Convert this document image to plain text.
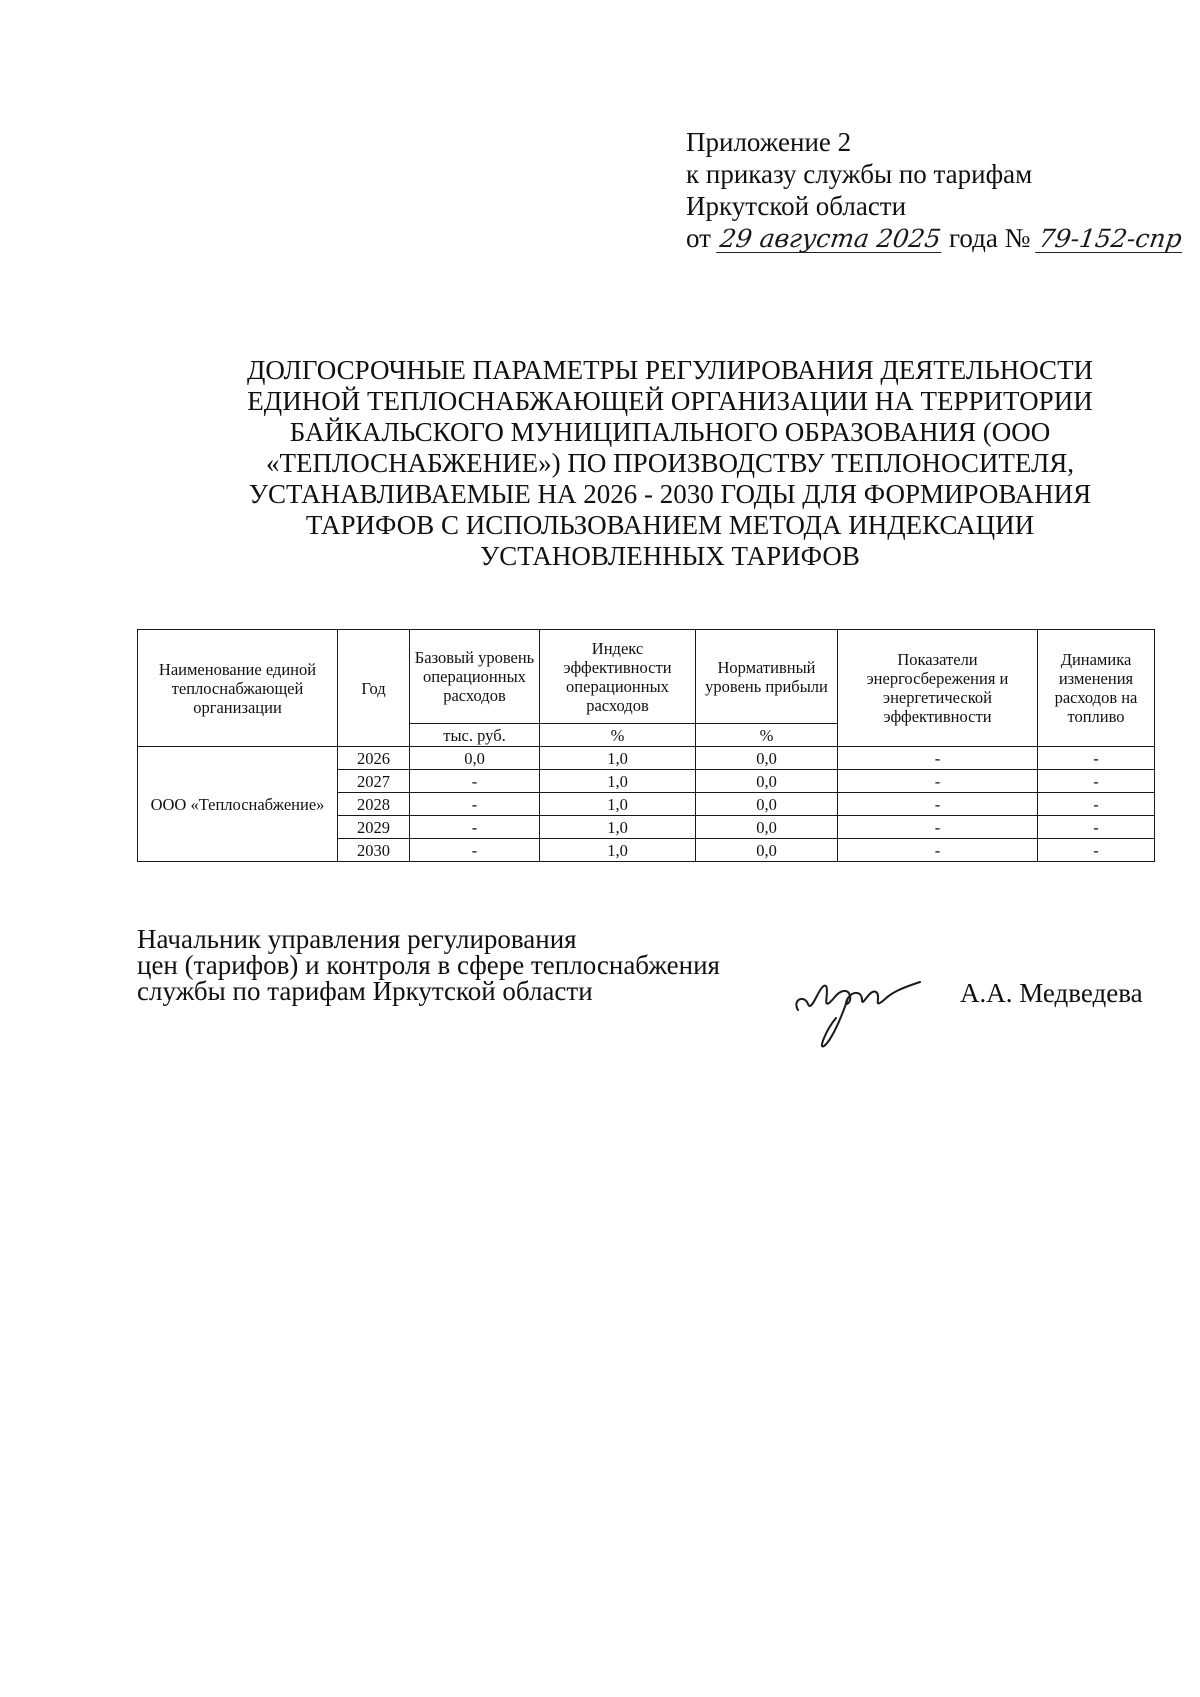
Приложение 2
к приказу службы по тарифам
Иркутской области
от 29 августа 2025 года № 79-152-спр
ДОЛГОСРОЧНЫЕ ПАРАМЕТРЫ РЕГУЛИРОВАНИЯ ДЕЯТЕЛЬНОСТИ
ЕДИНОЙ ТЕПЛОСНАБЖАЮЩЕЙ ОРГАНИЗАЦИИ НА ТЕРРИТОРИИ
БАЙКАЛЬСКОГО МУНИЦИПАЛЬНОГО ОБРАЗОВАНИЯ (ООО
«ТЕПЛОСНАБЖЕНИЕ») ПО ПРОИЗВОДСТВУ ТЕПЛОНОСИТЕЛЯ,
УСТАНАВЛИВАЕМЫЕ НА 2026 - 2030 ГОДЫ ДЛЯ ФОРМИРОВАНИЯ
ТАРИФОВ С ИСПОЛЬЗОВАНИЕМ МЕТОДА ИНДЕКСАЦИИ
УСТАНОВЛЕННЫХ ТАРИФОВ
Наименование единой теплоснабжающей организации	Год	Базовый уровень операционных расходов	Индекс эффективности операционных расходов	Нормативный уровень прибыли	Показатели энергосбережения и энергетической эффективности	Динамика изменения расходов на топливо
		тыс. руб.	%	%		
ООО «Теплоснабжение»	2026	0,0	1,0	0,0	-	-
	2027	-	1,0	0,0	-	-
	2028	-	1,0	0,0	-	-
	2029	-	1,0	0,0	-	-
	2030	-	1,0	0,0	-	-
Начальник управления регулирования
цен (тарифов) и контроля в сфере теплоснабжения
службы по тарифам Иркутской области	А.А. Медведева
